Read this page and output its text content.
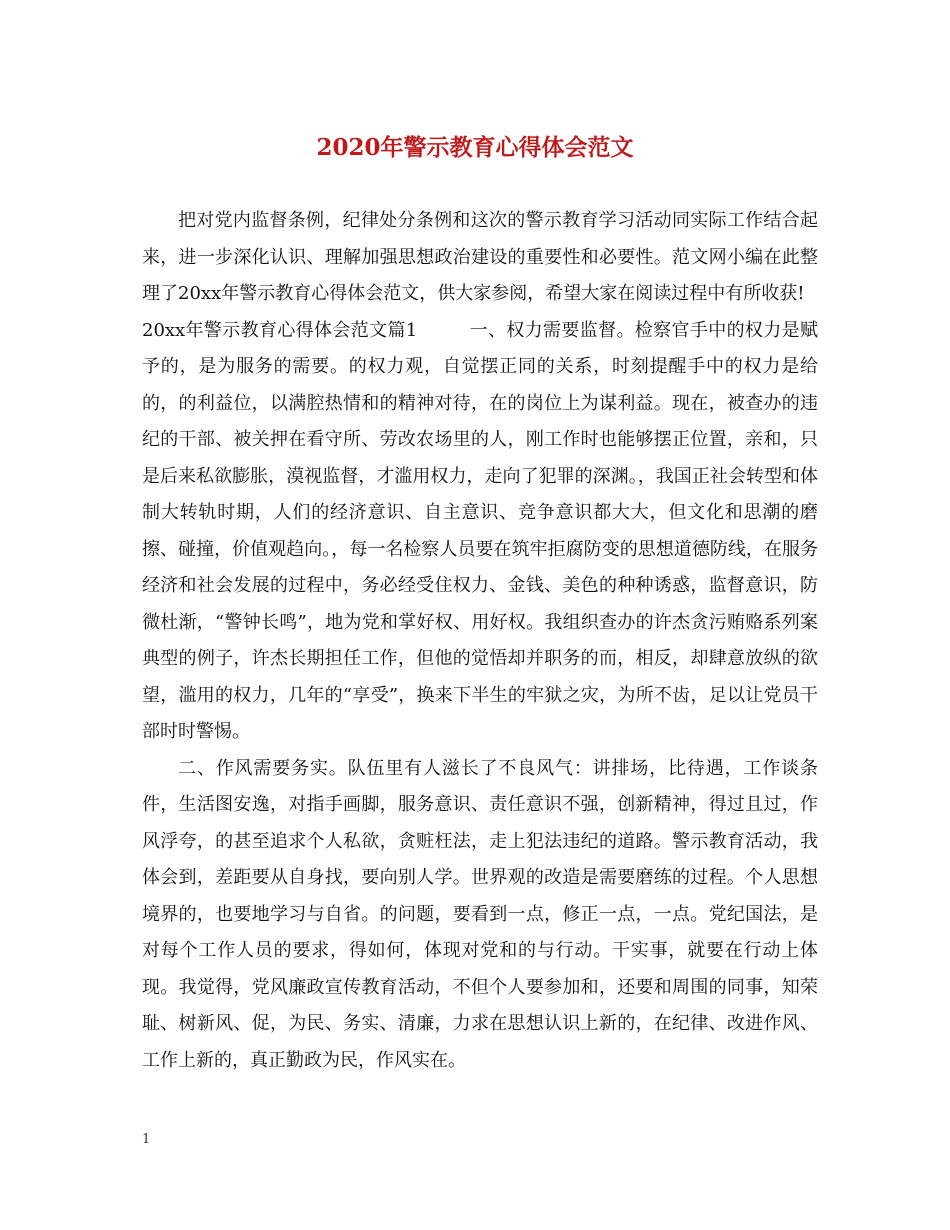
2020年警示教育心得体会范文

把对党内监督条例，纪律处分条例和这次的警示教育学习活动同实际工作结合起来，进一步深化认识、理解加强思想政治建设的重要性和必要性。范文网小编在此整理了20xx年警示教育心得体会范文，供大家参阅，希望大家在阅读过程中有所收获!

20xx年警示教育心得体会范文篇1	一、权力需要监督。检察官手中的权力是赋予的，是为服务的需要。的权力观，自觉摆正同的关系，时刻提醒手中的权力是给的，的利益位，以满腔热情和的精神对待，在的岗位上为谋利益。现在，被查办的违纪的干部、被关押在看守所、劳改农场里的人，刚工作时也能够摆正位置，亲和，只是后来私欲膨胀，漠视监督，才滥用权力，走向了犯罪的深渊。，我国正社会转型和体制大转轨时期，人们的经济意识、自主意识、竞争意识都大大，但文化和思潮的磨擦、碰撞，价值观趋向。，每一名检察人员要在筑牢拒腐防变的思想道德防线，在服务经济和社会发展的过程中，务必经受住权力、金钱、美色的种种诱惑，监督意识，防微杜渐，“警钟长鸣”，地为党和掌好权、用好权。我组织查办的许杰贪污贿赂系列案典型的例子，许杰长期担任工作，但他的觉悟却并职务的而，相反，却肆意放纵的欲望，滥用的权力，几年的“享受”，换来下半生的牢狱之灾，为所不齿，足以让党员干部时时警惕。

二、作风需要务实。队伍里有人滋长了不良风气：讲排场，比待遇，工作谈条件，生活图安逸，对指手画脚，服务意识、责任意识不强，创新精神，得过且过，作风浮夸，的甚至追求个人私欲，贪赃枉法，走上犯法违纪的道路。警示教育活动，我体会到，差距要从自身找，要向别人学。世界观的改造是需要磨练的过程。个人思想境界的，也要地学习与自省。的问题，要看到一点，修正一点，一点。党纪国法，是对每个工作人员的要求，得如何，体现对党和的与行动。干实事，就要在行动上体现。我觉得，党风廉政宣传教育活动，不但个人要参加和，还要和周围的同事，知荣耻、树新风、促，为民、务实、清廉，力求在思想认识上新的，在纪律、改进作风、工作上新的，真正勤政为民，作风实在。

1
